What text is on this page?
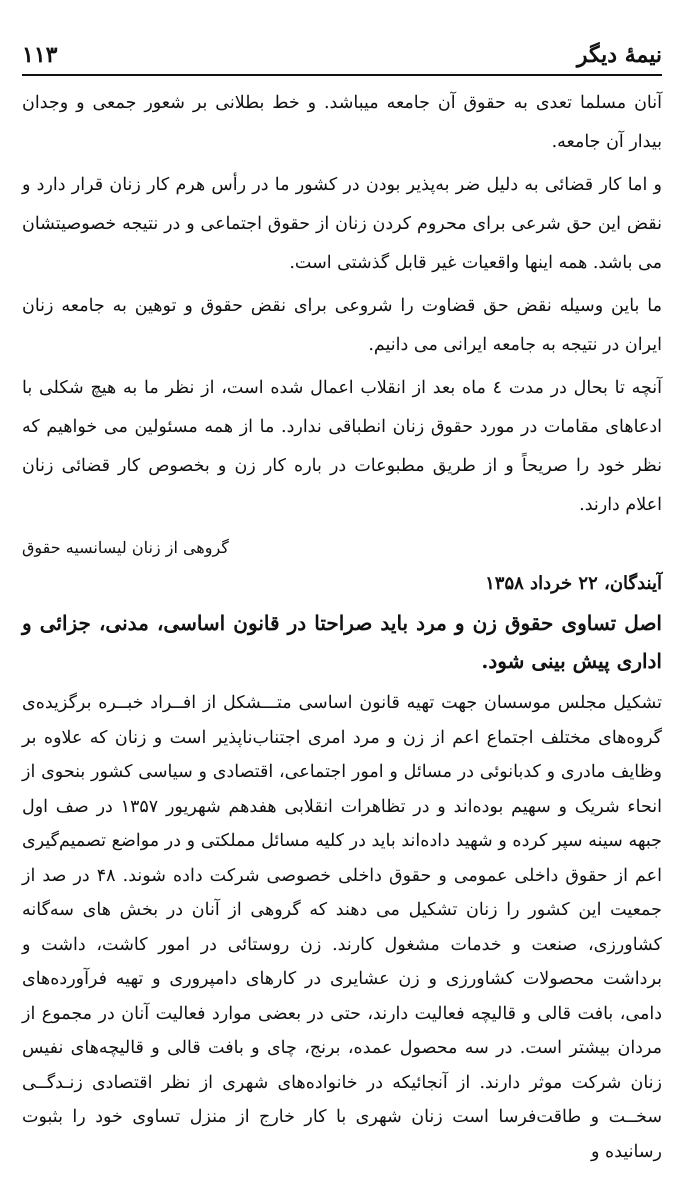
۱۱۳	نیمهٔ دیگر

آنان مسلما تعدی به حقوق آن جامعه میباشد. و خط بطلانی بر شعور جمعی و وجدان بیدار آن جامعه.

و اما کار قضائی به دلیل ضر به‌پذیر بودن در کشور ما در رأس هرم کار زنان قرار دارد و نقض این حق شرعی برای محروم کردن زنان از حقوق اجتماعی و در نتیجه خصوصیتشان می باشد. همه اینها واقعیات غیر قابل گذشتی است.

ما باین وسیله نقض حق قضاوت را شروعی برای نقض حقوق و توهین به جامعه زنان ایران در نتیجه به جامعه ایرانی می دانیم.

آنچه تا بحال در مدت ٤ ماه بعد از انقلاب اعمال شده است، از نظر ما به هیچ شکلی با ادعاهای مقامات در مورد حقوق زنان انطباقی ندارد. ما از همه مسئولین می خواهیم که نظر خود را صریحاً و از طریق مطبوعات در باره کار زن و بخصوص کار قضائی زنان اعلام دارند.

گروهی از زنان لیسانسیه حقوق

آیندگان، ۲۲ خرداد ۱۳۵۸

اصل تساوی حقوق زن و مرد باید صراحتا در قانون اساسی، مدنی، جزائی و اداری پیش بینی شود.

تشکیل مجلس موسسان جهت تهیه قانون اساسی متـــشکل از افــراد خبــره برگزیده‌ی گروه‌های مختلف اجتماع اعم از زن و مرد امری اجتناب‌ناپذیر است و زنان که علاوه بر وظایف مادری و کدبانوئی در مسائل و امور اجتماعی، اقتصادی و سیاسی کشور بنحوی از انحاء شریک و سهیم بوده‌اند و در تظاهرات انقلابی هفدهم شهریور ۱۳۵۷ در صف اول جبهه سینه سپر کرده و شهید داده‌اند باید در کلیه مسائل مملکتی و در مواضع تصمیم‌گیری اعم از حقوق داخلی عمومی و حقوق داخلی خصوصی شرکت داده شوند. ۴۸ در صد از جمعیت این کشور را زنان تشکیل می دهند که گروهی از آنان در بخش های سه‌گانه کشاورزی، صنعت و خدمات مشغول کارند. زن روستائی در امور کاشت، داشت و برداشت محصولات کشاورزی و زن عشایری در کارهای دامپروری و تهیه فرآورده‌های دامی، بافت قالی و قالیچه فعالیت دارند، حتی در بعضی موارد فعالیت آنان در مجموع از مردان بیشتر است. در سه محصول عمده، برنج، چای و بافت قالی و قالیچه‌های نفیس زنان شرکت موثر دارند. از آنجائیکه در خانواده‌های شهری از نظر اقتصادی زنـدگــی سخــت و طاقت‌فرسا است زنان شهری با کار خارج از منزل تساوی خود را بثبوت رسانیده و
